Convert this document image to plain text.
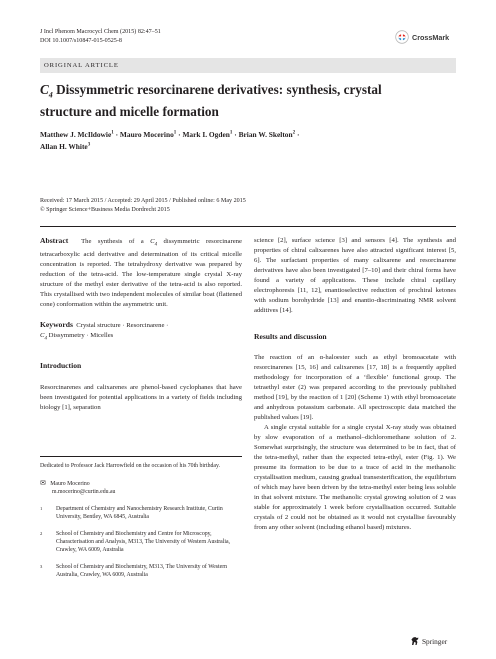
J Incl Phenom Macrocycl Chem (2015) 82:47–51
DOI 10.1007/s10847-015-0525-8	CrossMark
ORIGINAL ARTICLE
$C_4$ Dissymmetric resorcinarene derivatives: synthesis, crystal
structure and micelle formation
Matthew J. McIldowie$^1$ · Mauro Mocerino$^1$ · Mark I. Ogden$^1$ · Brian W. Skelton$^2$ ·
Allan H. White$^3$
Received: 17 March 2015 / Accepted: 29 April 2015 / Published online: 6 May 2015
© Springer Science+Business Media Dordrecht 2015

Abstract The synthesis of a $C_4$ dissymmetric resorcinarene tetracarboxylic acid derivative and determination of its critical micelle concentration is reported. The tetrahydroxy derivative was prepared by reduction of the tetra-acid. The low-temperature single crystal X-ray structure of the methyl ester derivative of the tetra-acid is also reported. This crystallised with two independent molecules of similar boat (flattened cone) conformation within the asymmetric unit.

Keywords Crystal structure · Resorcinarene ·
$C_4$ Dissymmetry · Micelles

Introduction

Resorcinarenes and calixarenes are phenol-based cyclophanes that have been investigated for potential applications in a variety of fields including biology [1], separation

Dedicated to Professor Jack Harrowfield on the occasion of his 70th birthday.

✉ Mauro Mocerino

m.mocerino@curtin.edu.au

1	Department of Chemistry and Nanochemistry Research Institute, Curtin University, Bentley, WA 6845, Australia
2	School of Chemistry and Biochemistry and Centre for Microscopy, Characterisation and Analysis, M313, The University of Western Australia, Crawley, WA 6009, Australia
3	School of Chemistry and Biochemistry, M313, The University of Western Australia, Crawley, WA 6009, Australia

science [2], surface science [3] and sensors [4]. The synthesis and properties of chiral calixarenes have also attracted significant interest [5, 6]. The surfactant properties of many calixarene and resorcinarene derivatives have also been investigated [7–10] and their chiral forms have found a variety of applications. These include chiral capillary electrophoresis [11, 12], enantioselective reduction of prochiral ketones with sodium borohydride [13] and enantio-discriminating NMR solvent additives [14].

Results and discussion

The reaction of an α-haloester such as ethyl bromoacetate with resorcinarenes [15, 16] and calixarenes [17, 18] is a frequently applied methodology for incorporation of a ‘flexible’ functional group. The tetraethyl ester (2) was prepared according to the previously published method [19], by the reaction of 1 [20] (Scheme 1) with ethyl bromoacetate and anhydrous potassium carbonate. All spectroscopic data matched the published values [19].

A single crystal suitable for a single crystal X-ray study was obtained by slow evaporation of a methanol–dichloromethane solution of 2. Somewhat surprisingly, the structure was determined to be in fact, that of the tetra-methyl, rather than the expected tetra-ethyl, ester (Fig. 1). We presume its formation to be due to a trace of acid in the methanolic crystallisation medium, causing gradual transesterification, the equilibrium of which may have been driven by the tetra-methyl ester being less soluble in that solvent mixture. The methanolic crystal growing solution of 2 was stable for approximately 1 week before crystallisation occurred. Suitable crystals of 2 could not be obtained as it would not crystallise favourably from any other solvent (including ethanol based) mixtures.

Springer
